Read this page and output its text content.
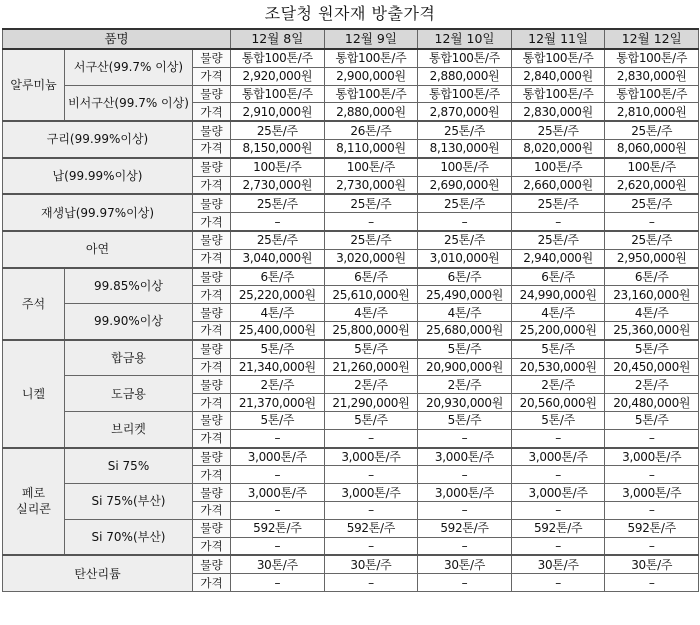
조달청 원자재 방출가격
품명			12월 8일	12월 9일	12월 10일	12월 11일	12월 12일
알루미늄	서구산(99.7% 이상)	물량	통합100톤/주	통합100톤/주	통합100톤/주	통합100톤/주	통합100톤/주
		가격	2,920,000원	2,900,000원	2,880,000원	2,840,000원	2,830,000원
	비서구산(99.7% 이상)	물량	통합100톤/주	통합100톤/주	통합100톤/주	통합100톤/주	통합100톤/주
		가격	2,910,000원	2,880,000원	2,870,000원	2,830,000원	2,810,000원
구리(99.99%이상)		물량	25톤/주	26톤/주	25톤/주	25톤/주	25톤/주
		가격	8,150,000원	8,110,000원	8,130,000원	8,020,000원	8,060,000원
납(99.99%이상)		물량	100톤/주	100톤/주	100톤/주	100톤/주	100톤/주
		가격	2,730,000원	2,730,000원	2,690,000원	2,660,000원	2,620,000원
재생납(99.97%이상)		물량	25톤/주	25톤/주	25톤/주	25톤/주	25톤/주
		가격	–	–	–	–	–
아연		물량	25톤/주	25톤/주	25톤/주	25톤/주	25톤/주
		가격	3,040,000원	3,020,000원	3,010,000원	2,940,000원	2,950,000원
주석	99.85%이상	물량	6톤/주	6톤/주	6톤/주	6톤/주	6톤/주
		가격	25,220,000원	25,610,000원	25,490,000원	24,990,000원	23,160,000원
	99.90%이상	물량	4톤/주	4톤/주	4톤/주	4톤/주	4톤/주
		가격	25,400,000원	25,800,000원	25,680,000원	25,200,000원	25,360,000원
니켈	합금용	물량	5톤/주	5톤/주	5톤/주	5톤/주	5톤/주
		가격	21,340,000원	21,260,000원	20,900,000원	20,530,000원	20,450,000원
	도금용	물량	2톤/주	2톤/주	2톤/주	2톤/주	2톤/주
		가격	21,370,000원	21,290,000원	20,930,000원	20,560,000원	20,480,000원
	브리켓	물량	5톤/주	5톤/주	5톤/주	5톤/주	5톤/주
		가격	–	–	–	–	–
페로
실리콘	Si 75%	물량	3,000톤/주	3,000톤/주	3,000톤/주	3,000톤/주	3,000톤/주
		가격	–	–	–	–	–
	Si 75%(부산)	물량	3,000톤/주	3,000톤/주	3,000톤/주	3,000톤/주	3,000톤/주
		가격	–	–	–	–	–
	Si 70%(부산)	물량	592톤/주	592톤/주	592톤/주	592톤/주	592톤/주
		가격	–	–	–	–	–
탄산리튬		물량	30톤/주	30톤/주	30톤/주	30톤/주	30톤/주
		가격	–	–	–	–	–
